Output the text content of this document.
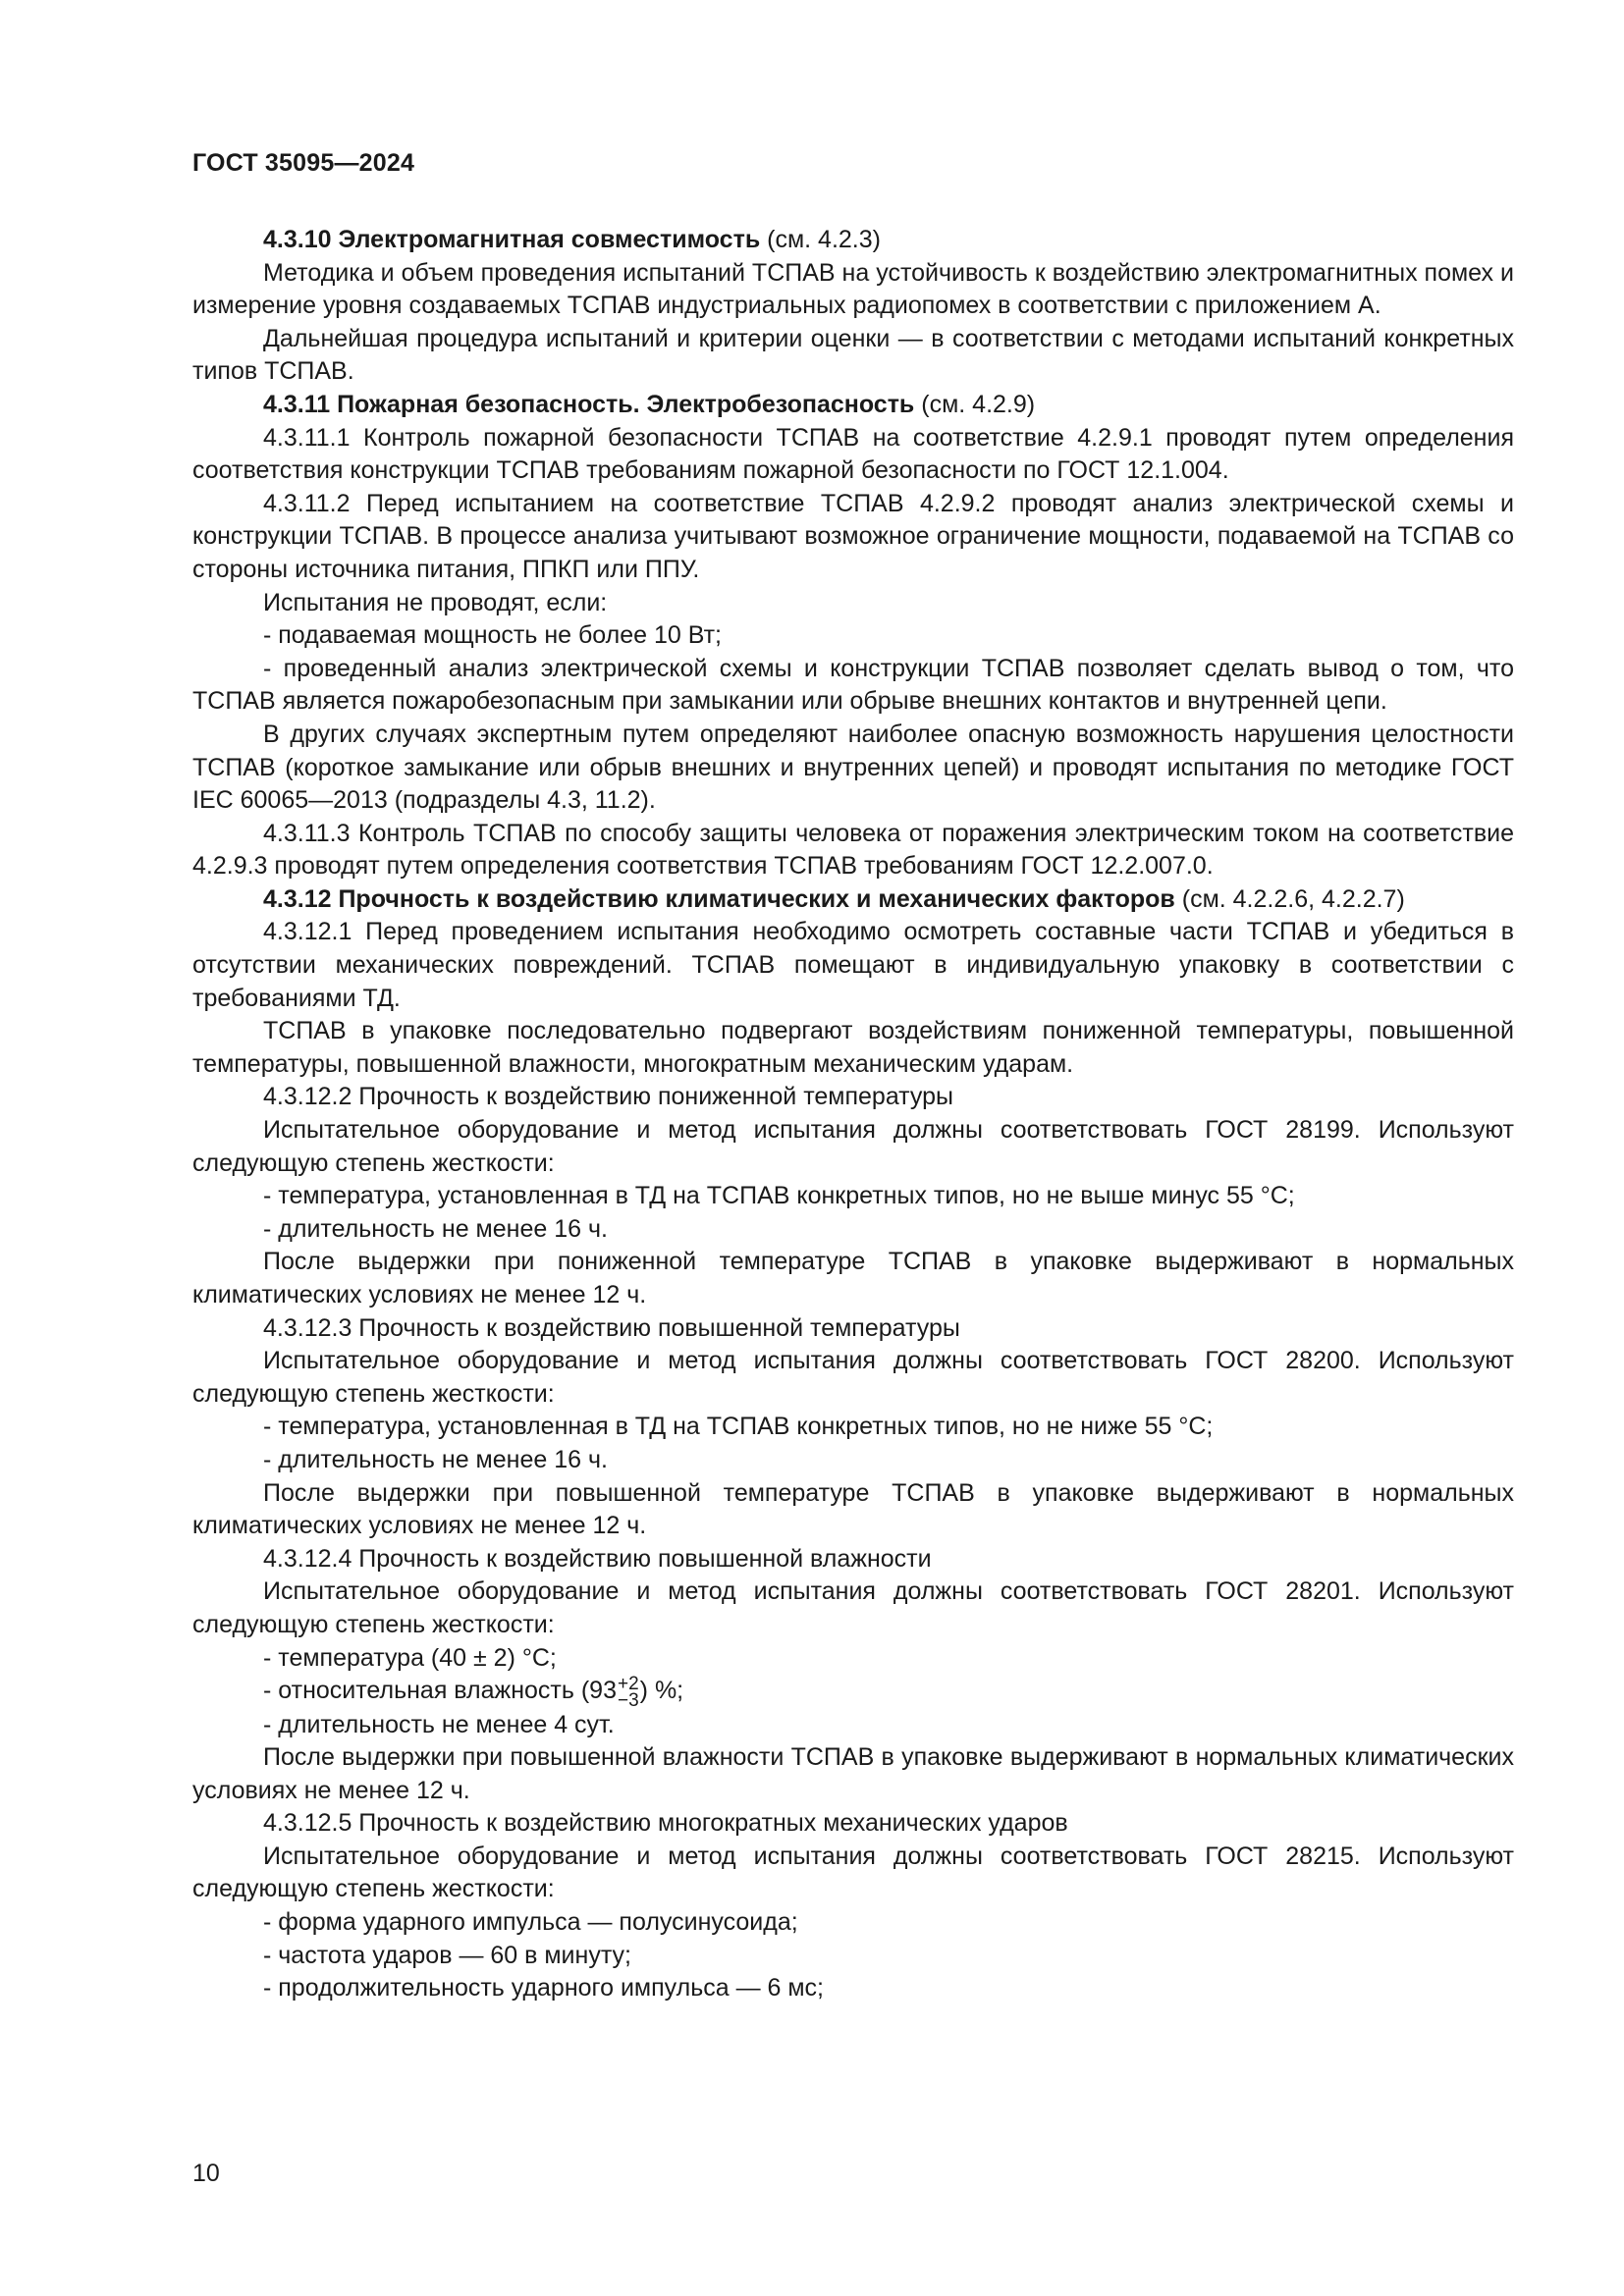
ГОСТ 35095—2024

4.3.10 Электромагнитная совместимость (см. 4.2.3)

Методика и объем проведения испытаний ТСПАВ на устойчивость к воздействию электромагнитных помех и измерение уровня создаваемых ТСПАВ индустриальных радиопомех в соответствии с приложением А.

Дальнейшая процедура испытаний и критерии оценки — в соответствии с методами испытаний конкретных типов ТСПАВ.

4.3.11 Пожарная безопасность. Электробезопасность (см. 4.2.9)

4.3.11.1 Контроль пожарной безопасности ТСПАВ на соответствие 4.2.9.1 проводят путем определения соответствия конструкции ТСПАВ требованиям пожарной безопасности по ГОСТ 12.1.004.

4.3.11.2 Перед испытанием на соответствие ТСПАВ 4.2.9.2 проводят анализ электрической схемы и конструкции ТСПАВ. В процессе анализа учитывают возможное ограничение мощности, подаваемой на ТСПАВ со стороны источника питания, ППКП или ППУ.

Испытания не проводят, если:

- подаваемая мощность не более 10 Вт;

- проведенный анализ электрической схемы и конструкции ТСПАВ позволяет сделать вывод о том, что ТСПАВ является пожаробезопасным при замыкании или обрыве внешних контактов и внутренней цепи.

В других случаях экспертным путем определяют наиболее опасную возможность нарушения целостности ТСПАВ (короткое замыкание или обрыв внешних и внутренних цепей) и проводят испытания по методике ГОСТ IEC 60065—2013 (подразделы 4.3, 11.2).

4.3.11.3 Контроль ТСПАВ по способу защиты человека от поражения электрическим током на соответствие 4.2.9.3 проводят путем определения соответствия ТСПАВ требованиям ГОСТ 12.2.007.0.

4.3.12 Прочность к воздействию климатических и механических факторов (см. 4.2.2.6, 4.2.2.7)

4.3.12.1 Перед проведением испытания необходимо осмотреть составные части ТСПАВ и убедиться в отсутствии механических повреждений. ТСПАВ помещают в индивидуальную упаковку в соответствии с требованиями ТД.

ТСПАВ в упаковке последовательно подвергают воздействиям пониженной температуры, повышенной температуры, повышенной влажности, многократным механическим ударам.

4.3.12.2 Прочность к воздействию пониженной температуры

Испытательное оборудование и метод испытания должны соответствовать ГОСТ 28199. Используют следующую степень жесткости:

- температура, установленная в ТД на ТСПАВ конкретных типов, но не выше минус 55 °С;

- длительность не менее 16 ч.

После выдержки при пониженной температуре ТСПАВ в упаковке выдерживают в нормальных климатических условиях не менее 12 ч.

4.3.12.3 Прочность к воздействию повышенной температуры

Испытательное оборудование и метод испытания должны соответствовать ГОСТ 28200. Используют следующую степень жесткости:

- температура, установленная в ТД на ТСПАВ конкретных типов, но не ниже 55 °С;

- длительность не менее 16 ч.

После выдержки при повышенной температуре ТСПАВ в упаковке выдерживают в нормальных климатических условиях не менее 12 ч.

4.3.12.4 Прочность к воздействию повышенной влажности

Испытательное оборудование и метод испытания должны соответствовать ГОСТ 28201. Используют следующую степень жесткости:

- температура (40 ± 2) °С;

- относительная влажность (93 +2
−3 ) %;

- длительность не менее 4 сут.

После выдержки при повышенной влажности ТСПАВ в упаковке выдерживают в нормальных климатических условиях не менее 12 ч.

4.3.12.5 Прочность к воздействию многократных механических ударов

Испытательное оборудование и метод испытания должны соответствовать ГОСТ 28215. Используют следующую степень жесткости:

- форма ударного импульса — полусинусоида;

- частота ударов — 60 в минуту;

- продолжительность ударного импульса — 6 мс;

10
